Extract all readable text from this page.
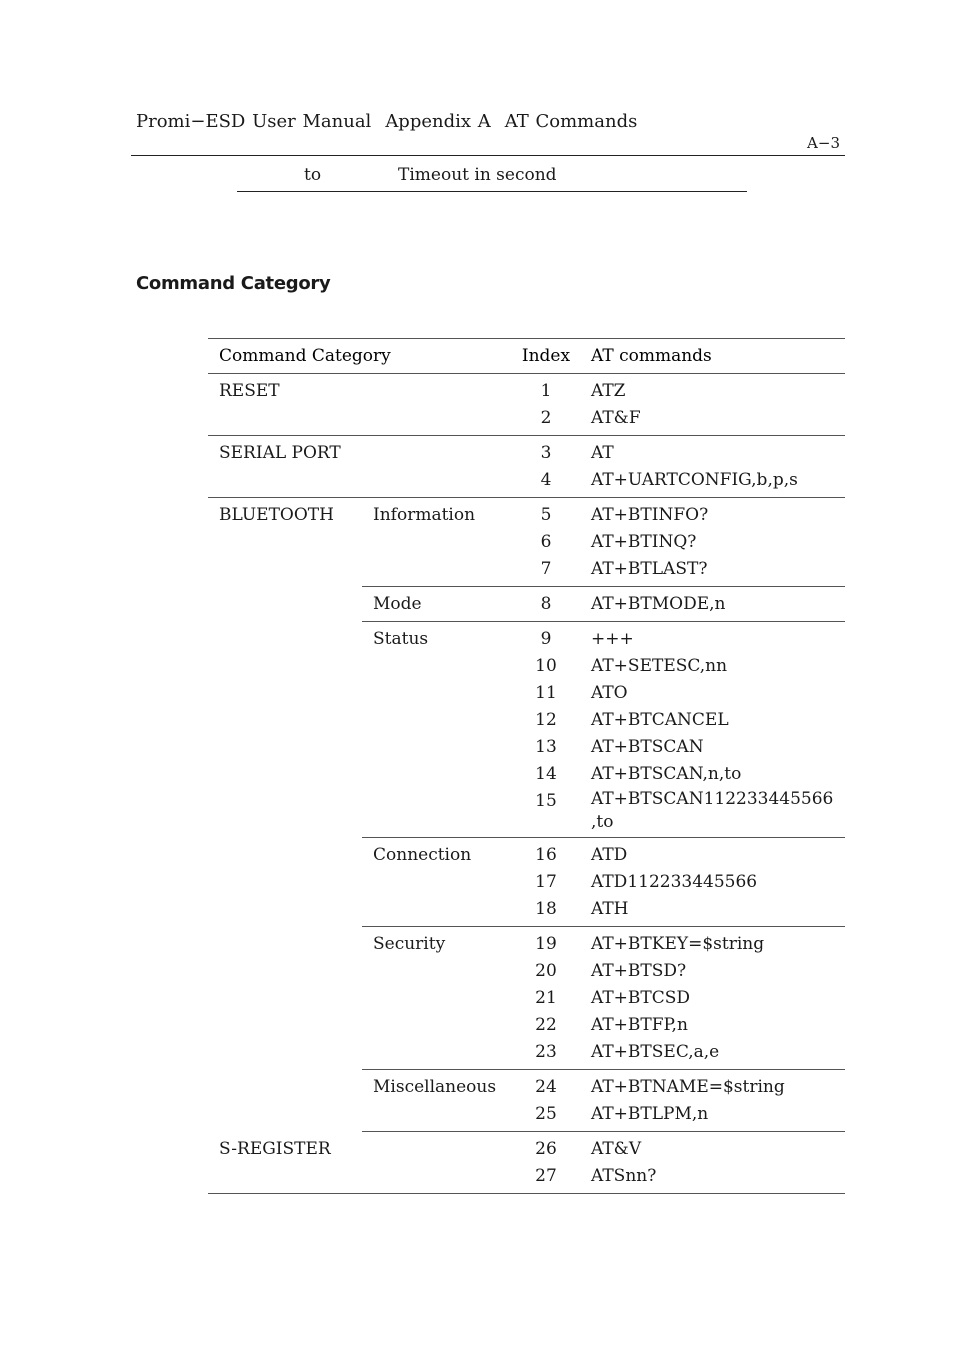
Promi−ESD User Manual Appendix A AT Commands
A−3
to	Timeout in second
Command Category
Command Category		Index	AT commands
RESET		1	ATZ
		2	AT&F
SERIAL PORT		3	AT
		4	AT+UARTCONFIG,b,p,s
BLUETOOTH	Information	5	AT+BTINFO?
		6	AT+BTINQ?
		7	AT+BTLAST?
	Mode	8	AT+BTMODE,n
	Status	9	+++
		10	AT+SETESC,nn
		11	ATO
		12	AT+BTCANCEL
		13	AT+BTSCAN
		14	AT+BTSCAN,n,to
		15	AT+BTSCAN112233445566
,to
	Connection	16	ATD
		17	ATD112233445566
		18	ATH
	Security	19	AT+BTKEY=$string
		20	AT+BTSD?
		21	AT+BTCSD
		22	AT+BTFP,n
		23	AT+BTSEC,a,e
	Miscellaneous	24	AT+BTNAME=$string
		25	AT+BTLPM,n
S-REGISTER		26	AT&V
		27	ATSnn?
